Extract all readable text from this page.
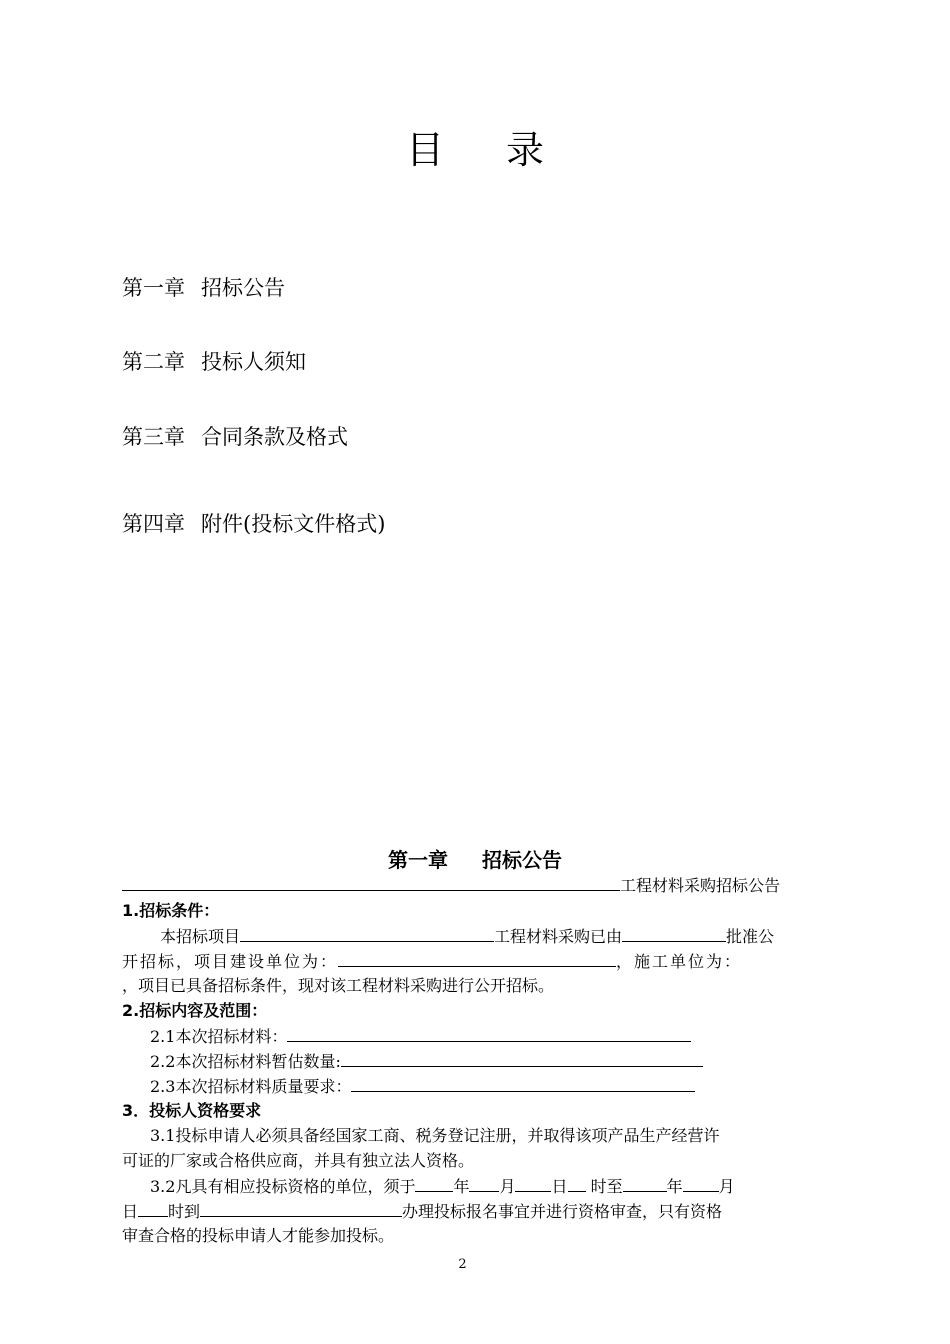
目 录
第一章 招标公告
第二章 投标人须知
第三章 合同条款及格式
第四章 附件(投标文件格式)
第一章 招标公告
工程材料采购招标公告
1.招标条件：
本招标项目	工程材料采购已由	批准公
开招标，项目建设单位为：	，施工单位为：
，项目已具备招标条件，现对该工程材料采购进行公开招标。
2.招标内容及范围：
2.1本次招标材料：
2.2本次招标材料暂估数量:
2.3本次招标材料质量要求：
3．投标人资格要求
3.1投标申请人必须具备经国家工商、税务登记注册，并取得该项产品生产经营许
可证的厂家或合格供应商，并具有独立法人资格。
3.2凡具有相应投标资格的单位，须于 年 月 日 时至	年 月
日 时到	办理投标报名事宜并进行资格审查，只有资格
审查合格的投标申请人才能参加投标。
2
